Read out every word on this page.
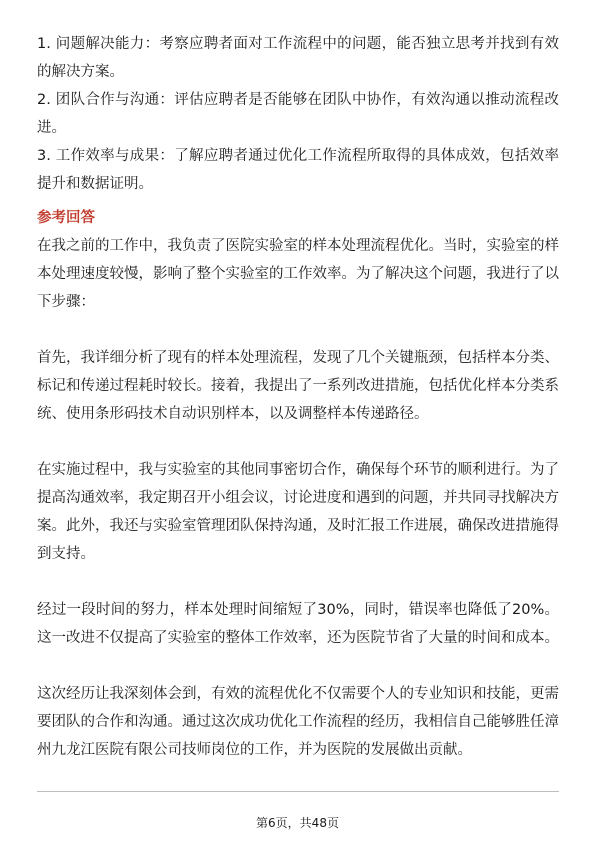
1. 问题解决能力：考察应聘者面对工作流程中的问题，能否独立思考并找到有效的解决方案。

2. 团队合作与沟通：评估应聘者是否能够在团队中协作，有效沟通以推动流程改进。

3. 工作效率与成果：了解应聘者通过优化工作流程所取得的具体成效，包括效率提升和数据证明。

参考回答

在我之前的工作中，我负责了医院实验室的样本处理流程优化。当时，实验室的样本处理速度较慢，影响了整个实验室的工作效率。为了解决这个问题，我进行了以下步骤：

首先，我详细分析了现有的样本处理流程，发现了几个关键瓶颈，包括样本分类、标记和传递过程耗时较长。接着，我提出了一系列改进措施，包括优化样本分类系统、使用条形码技术自动识别样本，以及调整样本传递路径。

在实施过程中，我与实验室的其他同事密切合作，确保每个环节的顺利进行。为了提高沟通效率，我定期召开小组会议，讨论进度和遇到的问题，并共同寻找解决方案。此外，我还与实验室管理团队保持沟通，及时汇报工作进展，确保改进措施得到支持。

经过一段时间的努力，样本处理时间缩短了30%，同时，错误率也降低了20%。这一改进不仅提高了实验室的整体工作效率，还为医院节省了大量的时间和成本。

这次经历让我深刻体会到，有效的流程优化不仅需要个人的专业知识和技能，更需要团队的合作和沟通。通过这次成功优化工作流程的经历，我相信自己能够胜任漳州九龙江医院有限公司技师岗位的工作，并为医院的发展做出贡献。

第6页，共48页
